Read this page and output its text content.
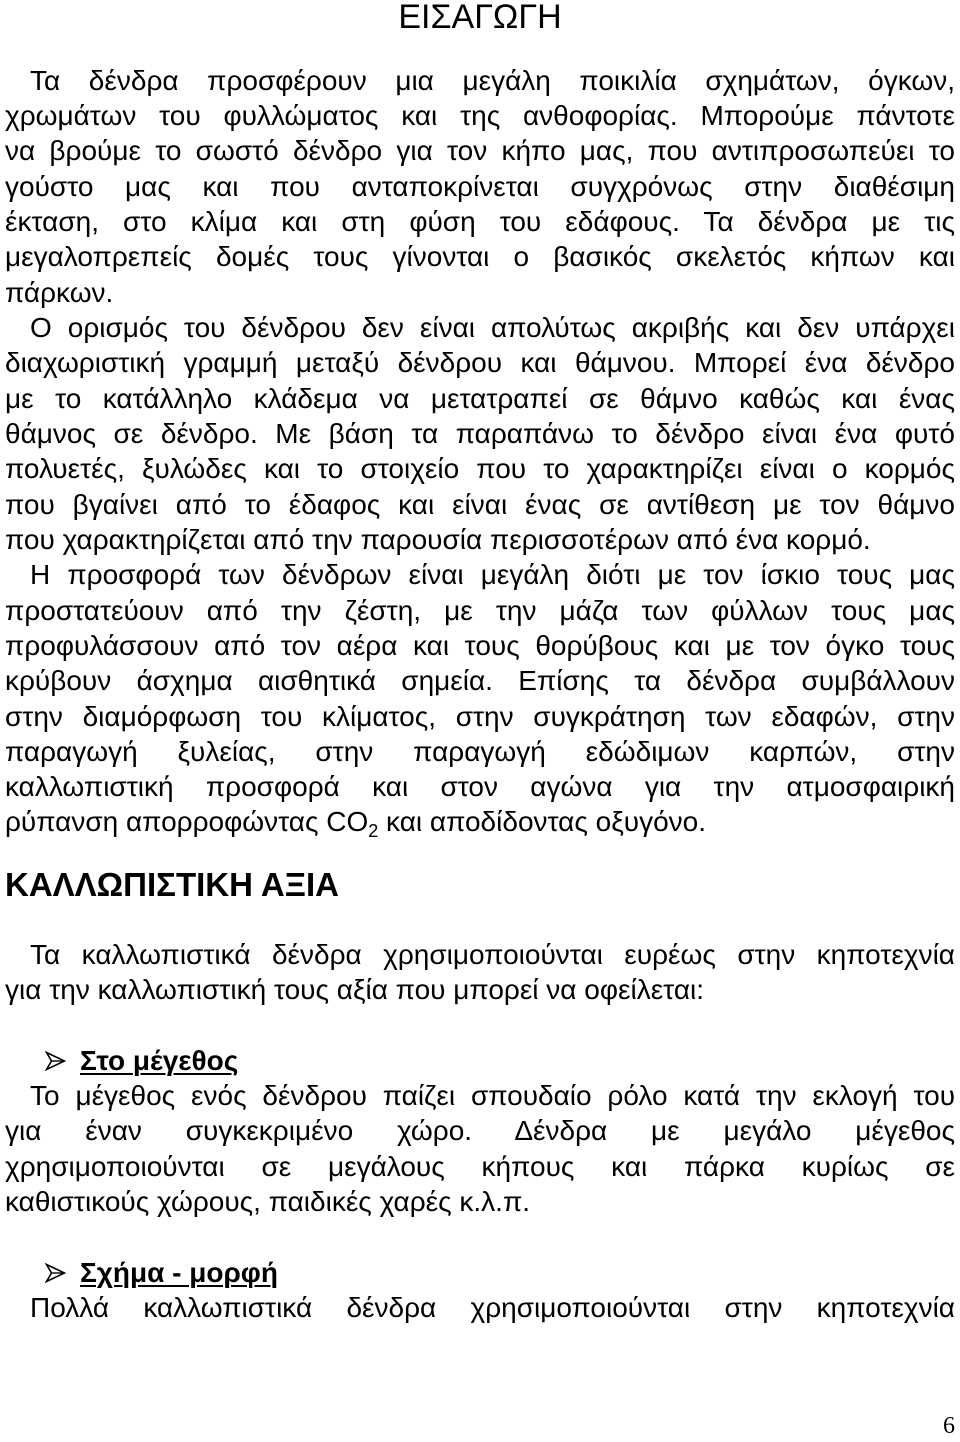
ΕΙΣΑΓΩΓΗ
Τα δένδρα προσφέρουν μια μεγάλη ποικιλία σχημάτων, όγκων,
χρωμάτων του φυλλώματος και της ανθοφορίας. Μπορούμε πάντοτε
να βρούμε το σωστό δένδρο για τον κήπο μας, που αντιπροσωπεύει το
γούστο μας και που ανταποκρίνεται συγχρόνως στην διαθέσιμη
έκταση, στο κλίμα και στη φύση του εδάφους. Τα δένδρα με τις
μεγαλοπρεπείς δομές τους γίνονται ο βασικός σκελετός κήπων και
πάρκων.
Ο ορισμός του δένδρου δεν είναι απολύτως ακριβής και δεν υπάρχει
διαχωριστική γραμμή μεταξύ δένδρου και θάμνου. Μπορεί ένα δένδρο
με το κατάλληλο κλάδεμα να μετατραπεί σε θάμνο καθώς και ένας
θάμνος σε δένδρο. Με βάση τα παραπάνω το δένδρο είναι ένα φυτό
πολυετές, ξυλώδες και το στοιχείο που το χαρακτηρίζει είναι ο κορμός
που βγαίνει από το έδαφος και είναι ένας σε αντίθεση με τον θάμνο
που χαρακτηρίζεται από την παρουσία περισσοτέρων από ένα κορμό.
Η προσφορά των δένδρων είναι μεγάλη διότι με τον ίσκιο τους μας
προστατεύουν από την ζέστη, με την μάζα των φύλλων τους μας
προφυλάσσουν από τον αέρα και τους θορύβους και με τον όγκο τους
κρύβουν άσχημα αισθητικά σημεία. Επίσης τα δένδρα συμβάλλουν
στην διαμόρφωση του κλίματος, στην συγκράτηση των εδαφών, στην
παραγωγή ξυλείας, στην παραγωγή εδώδιμων καρπών, στην
καλλωπιστική προσφορά και στον αγώνα για την ατμοσφαιρική
ρύπανση απορροφώντας $CO_2$ και αποδίδοντας οξυγόνο.
ΚΑΛΛΩΠΙΣΤΙΚΗ ΑΞΙΑ
Τα καλλωπιστικά δένδρα χρησιμοποιούνται ευρέως στην κηποτεχνία
για την καλλωπιστική τους αξία που μπορεί να οφείλεται:
Στο μέγεθος
Το μέγεθος ενός δένδρου παίζει σπουδαίο ρόλο κατά την εκλογή του
για έναν συγκεκριμένο χώρο. Δένδρα με μεγάλο μέγεθος
χρησιμοποιούνται σε μεγάλους κήπους και πάρκα κυρίως σε
καθιστικούς χώρους, παιδικές χαρές κ.λ.π.
Σχήμα - μορφή
Πολλά καλλωπιστικά δένδρα χρησιμοποιούνται στην κηποτεχνία
6
